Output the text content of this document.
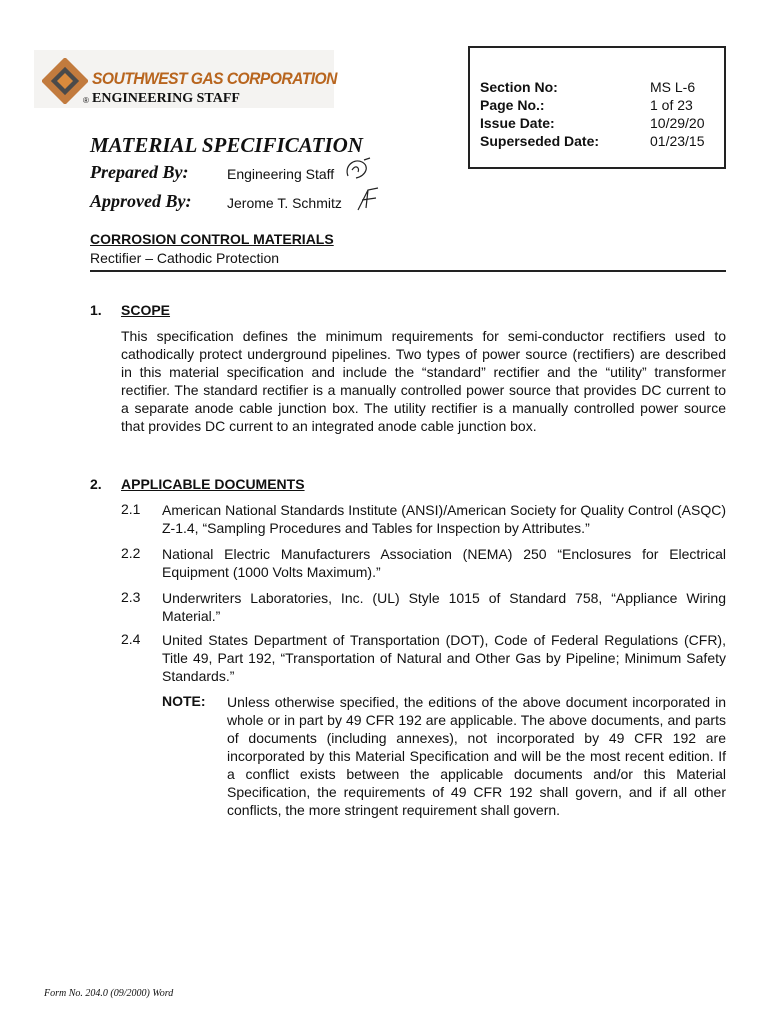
SOUTHWEST GAS CORPORATION
® ENGINEERING STAFF
Section No:	MS L-6
Page No.:	1 of 23
Issue Date:	10/29/20
Superseded Date:	01/23/15
MATERIAL SPECIFICATION
Prepared By:	Engineering Staff
Approved By:	Jerome T. Schmitz
CORROSION CONTROL MATERIALS
Rectifier – Cathodic Protection
1. SCOPE
This specification defines the minimum requirements for semi-conductor rectifiers used to cathodically protect underground pipelines. Two types of power source (rectifiers) are described in this material specification and include the “standard” rectifier and the “utility” transformer rectifier. The standard rectifier is a manually controlled power source that provides DC current to a separate anode cable junction box. The utility rectifier is a manually controlled power source that provides DC current to an integrated anode cable junction box.
2. APPLICABLE DOCUMENTS
2.1 American National Standards Institute (ANSI)/American Society for Quality Control (ASQC) Z-1.4, “Sampling Procedures and Tables for Inspection by Attributes.”
2.2 National Electric Manufacturers Association (NEMA) 250 “Enclosures for Electrical Equipment (1000 Volts Maximum).”
2.3 Underwriters Laboratories, Inc. (UL) Style 1015 of Standard 758, “Appliance Wiring Material.”
2.4 United States Department of Transportation (DOT), Code of Federal Regulations (CFR), Title 49, Part 192, “Transportation of Natural and Other Gas by Pipeline; Minimum Safety Standards.”
NOTE: Unless otherwise specified, the editions of the above document incorporated in whole or in part by 49 CFR 192 are applicable. The above documents, and parts of documents (including annexes), not incorporated by 49 CFR 192 are incorporated by this Material Specification and will be the most recent edition. If a conflict exists between the applicable documents and/or this Material Specification, the requirements of 49 CFR 192 shall govern, and if all other conflicts, the more stringent requirement shall govern.
Form No. 204.0 (09/2000) Word
